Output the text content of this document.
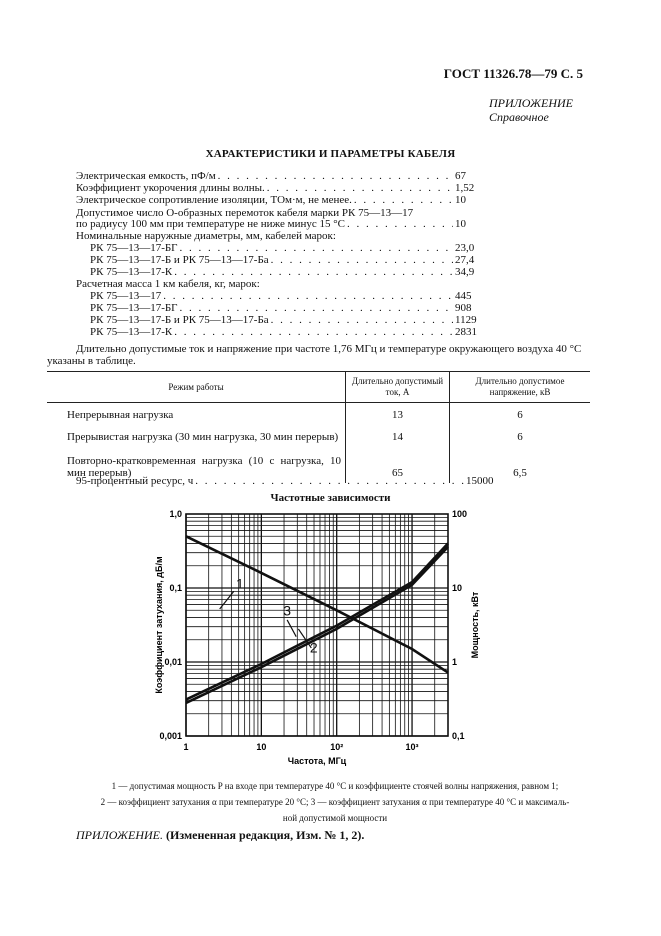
ГОСТ 11326.78—79 С. 5
ПРИЛОЖЕНИЕ
Справочное
ХАРАКТЕРИСТИКИ И ПАРАМЕТРЫ КАБЕЛЯ
Электрическая емкость, пФ/м . . .	67
Коэффициент укорочения длины волны. . . .	1,52
Электрическое сопротивление изоляции, ТОм·м, не менее. . . .	10
Допустимое число О-образных перемоток кабеля марки РК 75—13—17
по радиусу 100 мм при температуре не ниже минус 15 °С . . .	10
Номинальные наружные диаметры, мм, кабелей марок:
РК 75—13—17-БГ . . .	23,0
РК 75—13—17-Б и РК 75—13—17-Ба . . .	27,4
РК 75—13—17-К . . .	34,9
Расчетная масса 1 км кабеля, кг, марок:
РК 75—13—17 . . .	445
РК 75—13—17-БГ . . .	908
РК 75—13—17-Б и РК 75—13—17-Ба . . .	1129
РК 75—13—17-К . . .	2831
Длительно допустимые ток и напряжение при частоте 1,76 МГц и температуре окружающего воздуха 40 °С
указаны в таблице.
Режим работы	Длительно допустимый ток, А	Длительно допустимое напряжение, кВ
Непрерывная нагрузка	13	6
Прерывистая нагрузка (30 мин нагрузка, 30 мин перерыв)	14	6
Повторно-кратковременная нагрузка (10 с нагрузка, 10 мин перерыв)	65	6,5
95-процентный ресурс, ч . . .	15000
Частотные зависимости
1	10	10²	10³
0,001
0,01
0,1
1,0
0,1
1
10
100
Частота, МГц
Коэффициент затухания, дБ/м	Мощность, кВт
1
2
3
1 — допустимая мощность P на входе при температуре 40 °С и коэффициенте стоячей волны напряжения, равном 1;
2 — коэффициент затухания α при температуре 20 °С; 3 — коэффициент затухания α при температуре 40 °С и максималь-
ной допустимой мощности
ПРИЛОЖЕНИЕ. (Измененная редакция, Изм. № 1, 2).
